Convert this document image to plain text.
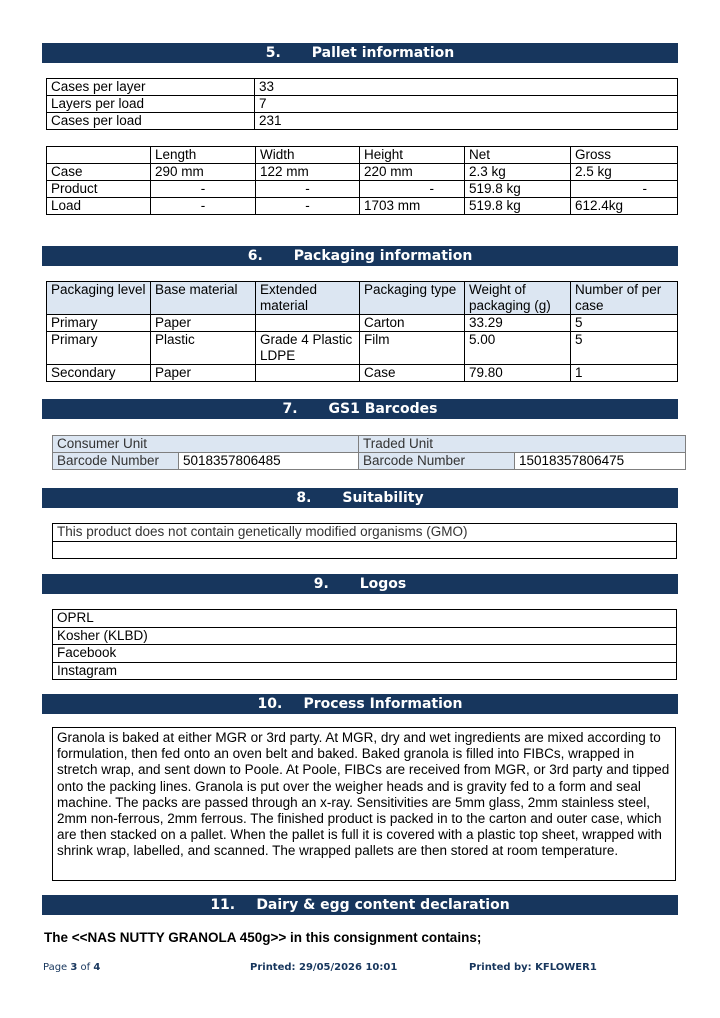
5.	Pallet information
Cases per layer	33
Layers per load	7
Cases per load	231
	Length	Width	Height	Net	Gross
Case	290 mm	122 mm	220 mm	2.3 kg	2.5 kg
Product	-	-	-	519.8 kg	-
Load	-	-	1703 mm	519.8 kg	612.4kg
6.	Packaging information
Packaging level	Base material	Extended material	Packaging type	Weight of packaging (g)	Number of per case
Primary	Paper		Carton	33.29	5
Primary	Plastic	Grade 4 Plastic LDPE	Film	5.00	5
Secondary	Paper		Case	79.80	1
7.	GS1 Barcodes
Consumer Unit		Traded Unit	
Barcode Number	5018357806485	Barcode Number	15018357806475
8.	Suitability
This product does not contain genetically modified organisms (GMO)

9.	Logos
OPRL
Kosher (KLBD)
Facebook
Instagram
10.	Process Information
Granola is baked at either MGR or 3rd party. At MGR, dry and wet ingredients are mixed according to formulation, then fed onto an oven belt and baked. Baked granola is filled into FIBCs, wrapped in stretch wrap, and sent down to Poole. At Poole, FIBCs are received from MGR, or 3rd party and tipped onto the packing lines. Granola is put over the weigher heads and is gravity fed to a form and seal machine. The packs are passed through an x-ray. Sensitivities are 5mm glass, 2mm stainless steel, 2mm non-ferrous, 2mm ferrous. The finished product is packed in to the carton and outer case, which are then stacked on a pallet. When the pallet is full it is covered with a plastic top sheet, wrapped with shrink wrap, labelled, and scanned. The wrapped pallets are then stored at room temperature.
11.	Dairy & egg content declaration
The <<NAS NUTTY GRANOLA 450g>> in this consignment contains;
Page 3 of 4	Printed: 29/05/2026 10:01	Printed by: KFLOWER1
